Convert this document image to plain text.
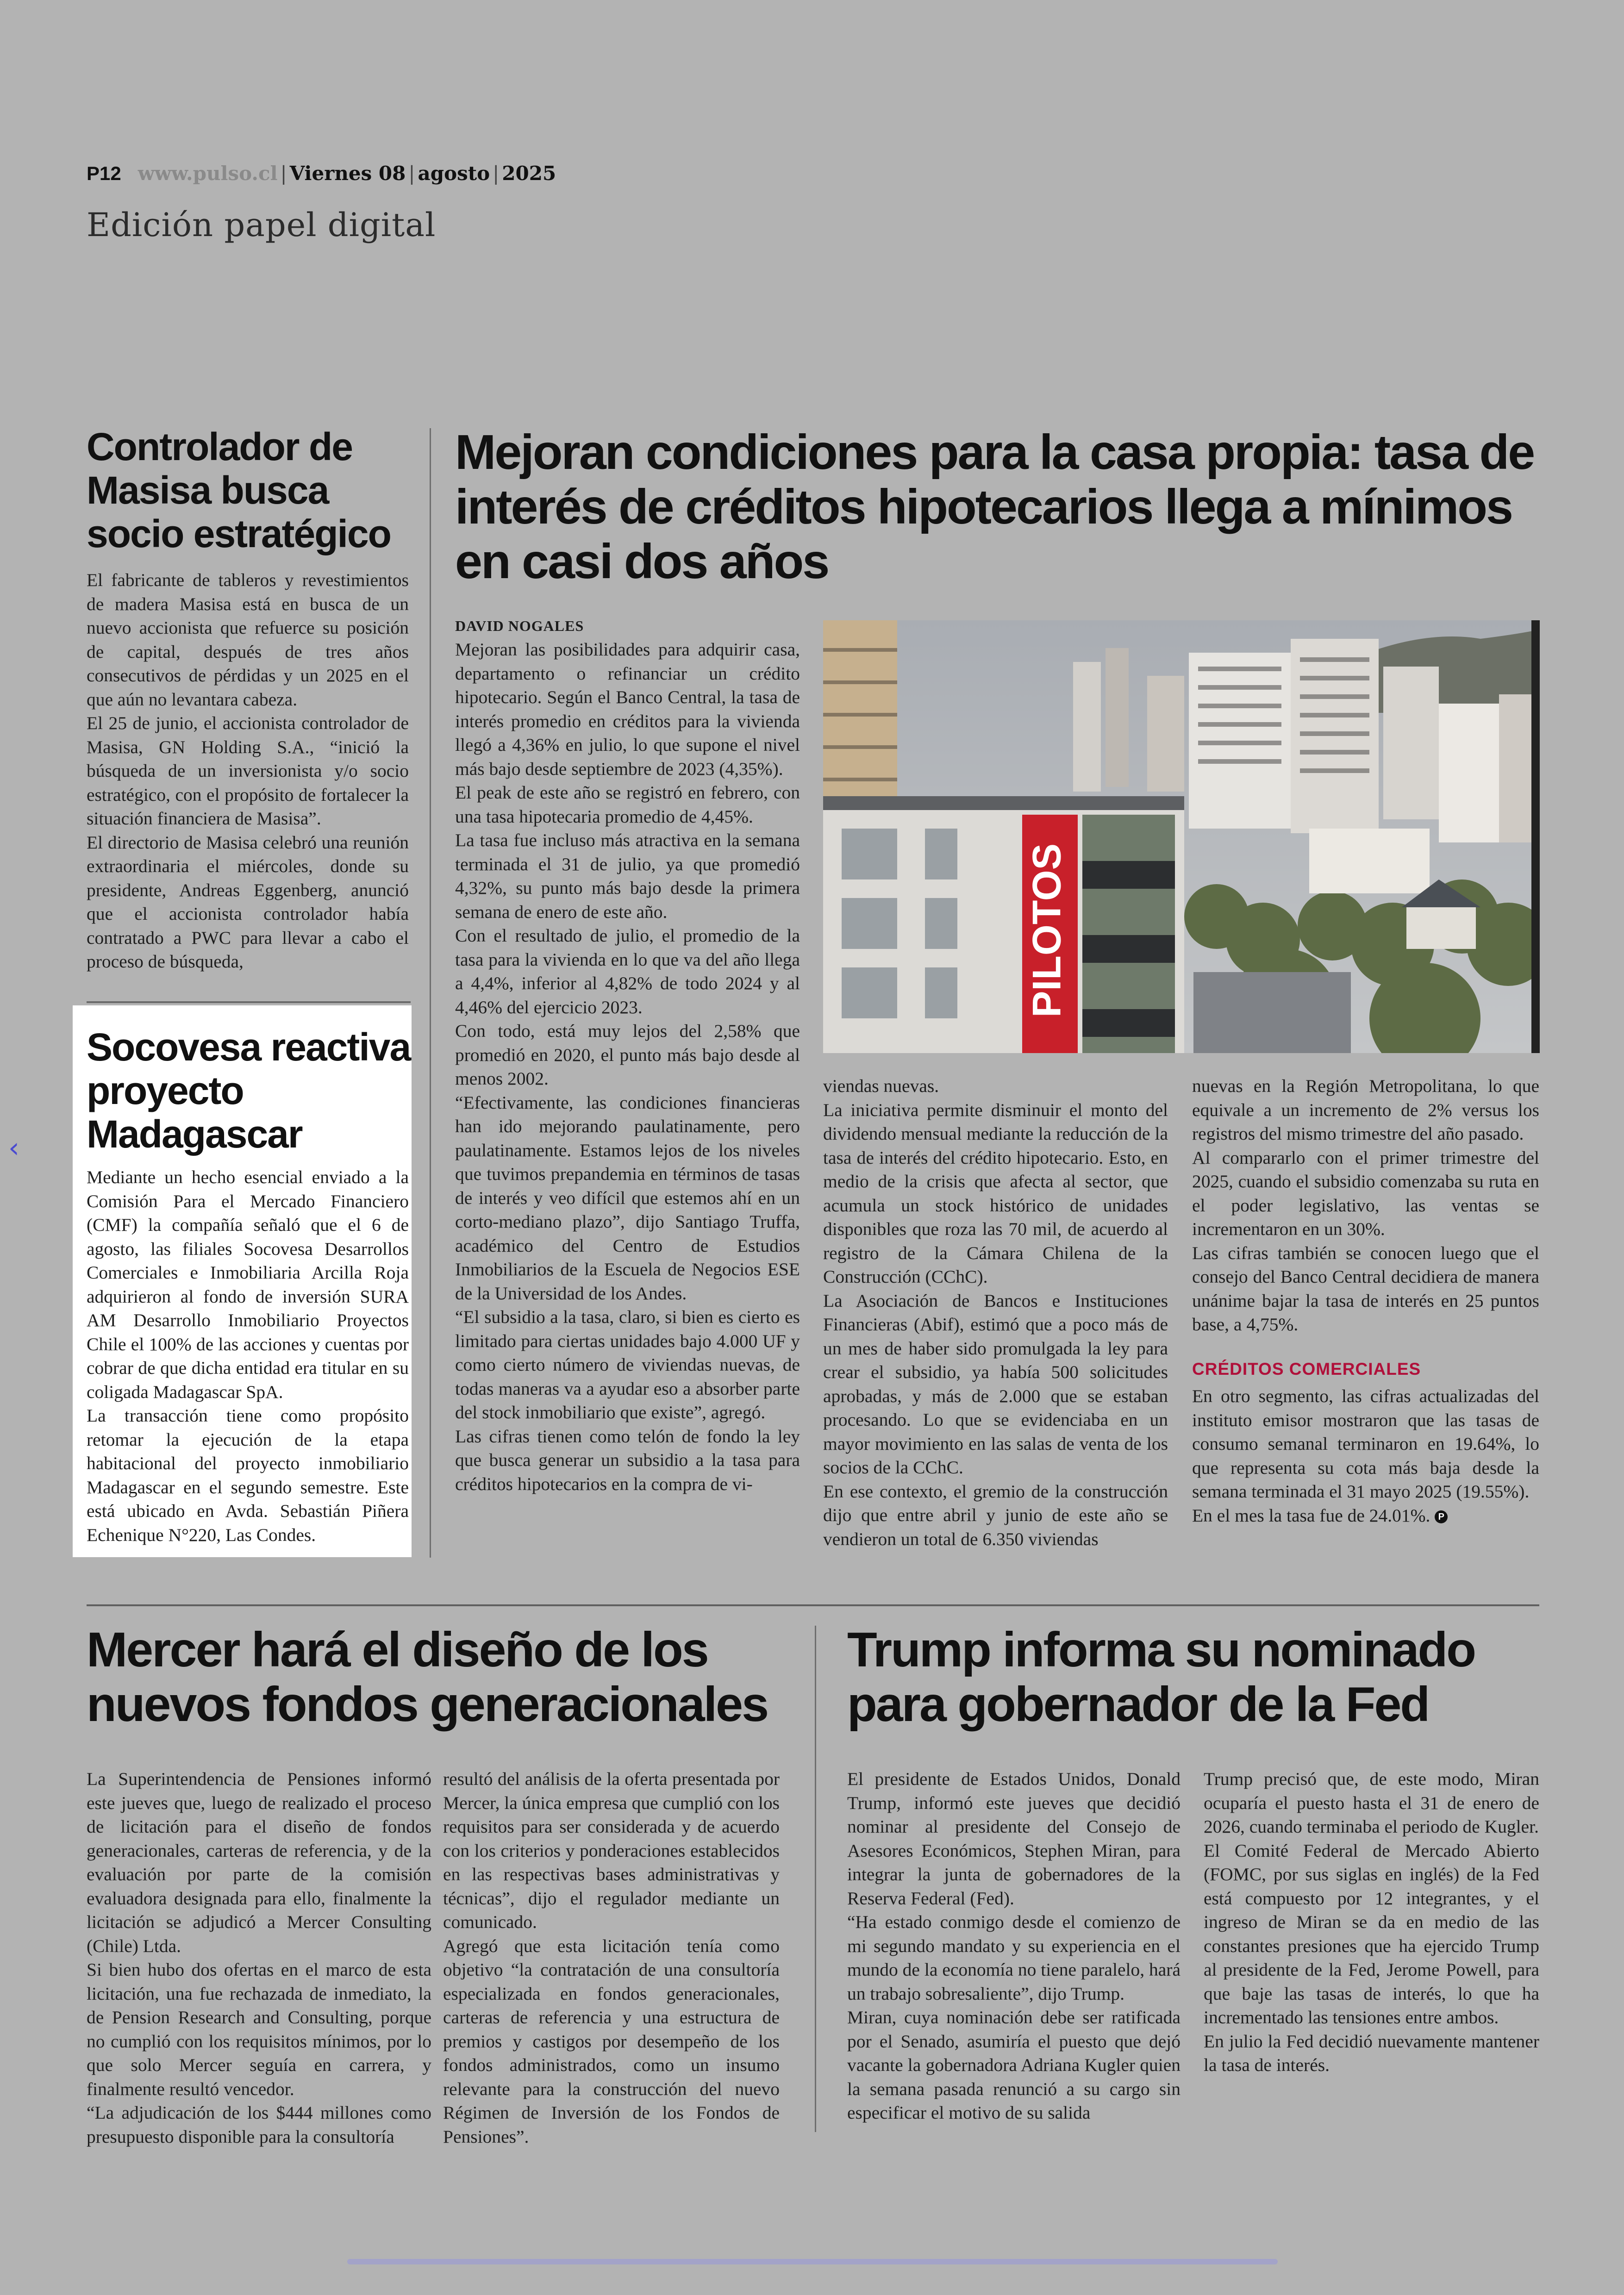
P12 www.pulso.cl | Viernes 08 | agosto | 2025
Edición papel digital
Controlador de Masisa busca socio estratégico

El fabricante de tableros y revestimientos de madera Masisa está en busca de un nuevo accionista que refuerce su posición de capital, después de tres años consecutivos de pérdidas y un 2025 en el que aún no levantara cabeza.

El 25 de junio, el accionista controlador de Masisa, GN Holding S.A., “inició la búsqueda de un inversionista y/o socio estratégico, con el propósito de fortalecer la situación financiera de Masisa”.

El directorio de Masisa celebró una reunión extraordinaria el miércoles, donde su presidente, Andreas Eggenberg, anunció que el accionista controlador había contratado a PWC para llevar a cabo el proceso de búsqueda,

Socovesa reactiva proyecto Madagascar

Mediante un hecho esencial enviado a la Comisión Para el Mercado Financiero (CMF) la compañía señaló que el 6 de agosto, las filiales Socovesa Desarrollos Comerciales e Inmobiliaria Arcilla Roja adquirieron al fondo de inversión SURA AM Desarrollo Inmobiliario Proyectos Chile el 100% de las acciones y cuentas por cobrar de que dicha entidad era titular en su coligada Madagascar SpA.

La transacción tiene como propósito retomar la ejecución de la etapa habitacional del proyecto inmobiliario Madagascar en el segundo semestre. Este está ubicado en Avda. Sebastián Piñera Echenique N°220, Las Condes.

Mejoran condiciones para la casa propia: tasa de interés de créditos hipotecarios llega a mínimos en casi dos años
DAVID NOGALES

Mejoran las posibilidades para adquirir casa, departamento o refinanciar un crédito hipotecario. Según el Banco Central, la tasa de interés promedio en créditos para la vivienda llegó a 4,36% en julio, lo que supone el nivel más bajo desde septiembre de 2023 (4,35%).

El peak de este año se registró en febrero, con una tasa hipotecaria promedio de 4,45%.

La tasa fue incluso más atractiva en la semana terminada el 31 de julio, ya que promedió 4,32%, su punto más bajo desde la primera semana de enero de este año.

Con el resultado de julio, el promedio de la tasa para la vivienda en lo que va del año llega a 4,4%, inferior al 4,82% de todo 2024 y al 4,46% del ejercicio 2023.

Con todo, está muy lejos del 2,58% que promedió en 2020, el punto más bajo desde al menos 2002.

“Efectivamente, las condiciones financieras han ido mejorando paulatinamente, pero paulatinamente. Estamos lejos de los niveles que tuvimos prepandemia en términos de tasas de interés y veo difícil que estemos ahí en un corto-mediano plazo”, dijo Santiago Truffa, académico del Centro de Estudios Inmobiliarios de la Escuela de Negocios ESE de la Universidad de los Andes.

“El subsidio a la tasa, claro, si bien es cierto es limitado para ciertas unidades bajo 4.000 UF y como cierto número de viviendas nuevas, de todas maneras va a ayudar eso a absorber parte del stock inmobiliario que existe”, agregó.

Las cifras tienen como telón de fondo la ley que busca generar un subsidio a la tasa para créditos hipotecarios en la compra de vi-

PILOTOS

viendas nuevas.

La iniciativa permite disminuir el monto del dividendo mensual mediante la reducción de la tasa de interés del crédito hipotecario. Esto, en medio de la crisis que afecta al sector, que acumula un stock histórico de unidades disponibles que roza las 70 mil, de acuerdo al registro de la Cámara Chilena de la Construcción (CChC).

La Asociación de Bancos e Instituciones Financieras (Abif), estimó que a poco más de un mes de haber sido promulgada la ley para crear el subsidio, ya había 500 solicitudes aprobadas, y más de 2.000 que se estaban procesando. Lo que se evidenciaba en un mayor movimiento en las salas de venta de los socios de la CChC.

En ese contexto, el gremio de la construcción dijo que entre abril y junio de este año se vendieron un total de 6.350 viviendas

nuevas en la Región Metropolitana, lo que equivale a un incremento de 2% versus los registros del mismo trimestre del año pasado.

Al compararlo con el primer trimestre del 2025, cuando el subsidio comenzaba su ruta en el poder legislativo, las ventas se incrementaron en un 30%.

Las cifras también se conocen luego que el consejo del Banco Central decidiera de manera unánime bajar la tasa de interés en 25 puntos base, a 4,75%.

CRÉDITOS COMERCIALES

En otro segmento, las cifras actualizadas del instituto emisor mostraron que las tasas de consumo semanal terminaron en 19.64%, lo que representa su cota más baja desde la semana terminada el 31 mayo 2025 (19.55%).

En el mes la tasa fue de 24.01%. P

Mercer hará el diseño de los nuevos fondos generacionales

La Superintendencia de Pensiones informó este jueves que, luego de realizado el proceso de licitación para el diseño de fondos generacionales, carteras de referencia, y de la evaluación por parte de la comisión evaluadora designada para ello, finalmente la licitación se adjudicó a Mercer Consulting (Chile) Ltda.

Si bien hubo dos ofertas en el marco de esta licitación, una fue rechazada de inmediato, la de Pension Research and Consulting, porque no cumplió con los requisitos mínimos, por lo que solo Mercer seguía en carrera, y finalmente resultó vencedor.

“La adjudicación de los $444 millones como presupuesto disponible para la consultoría

resultó del análisis de la oferta presentada por Mercer, la única empresa que cumplió con los requisitos para ser considerada y de acuerdo con los criterios y ponderaciones establecidos en las respectivas bases administrativas y técnicas”, dijo el regulador mediante un comunicado.

Agregó que esta licitación tenía como objetivo “la contratación de una consultoría especializada en fondos generacionales, carteras de referencia y una estructura de premios y castigos por desempeño de los fondos administrados, como un insumo relevante para la construcción del nuevo Régimen de Inversión de los Fondos de Pensiones”.

Trump informa su nominado para gobernador de la Fed

El presidente de Estados Unidos, Donald Trump, informó este jueves que decidió nominar al presidente del Consejo de Asesores Económicos, Stephen Miran, para integrar la junta de gobernadores de la Reserva Federal (Fed).

“Ha estado conmigo desde el comienzo de mi segundo mandato y su experiencia en el mundo de la economía no tiene paralelo, hará un trabajo sobresaliente”, dijo Trump.

Miran, cuya nominación debe ser ratificada por el Senado, asumiría el puesto que dejó vacante la gobernadora Adriana Kugler quien la semana pasada renunció a su cargo sin especificar el motivo de su salida

Trump precisó que, de este modo, Miran ocuparía el puesto hasta el 31 de enero de 2026, cuando terminaba el periodo de Kugler.

El Comité Federal de Mercado Abierto (FOMC, por sus siglas en inglés) de la Fed está compuesto por 12 integrantes, y el ingreso de Miran se da en medio de las constantes presiones que ha ejercido Trump al presidente de la Fed, Jerome Powell, para que baje las tasas de interés, lo que ha incrementado las tensiones entre ambos.

En julio la Fed decidió nuevamente mantener la tasa de interés.

‹
